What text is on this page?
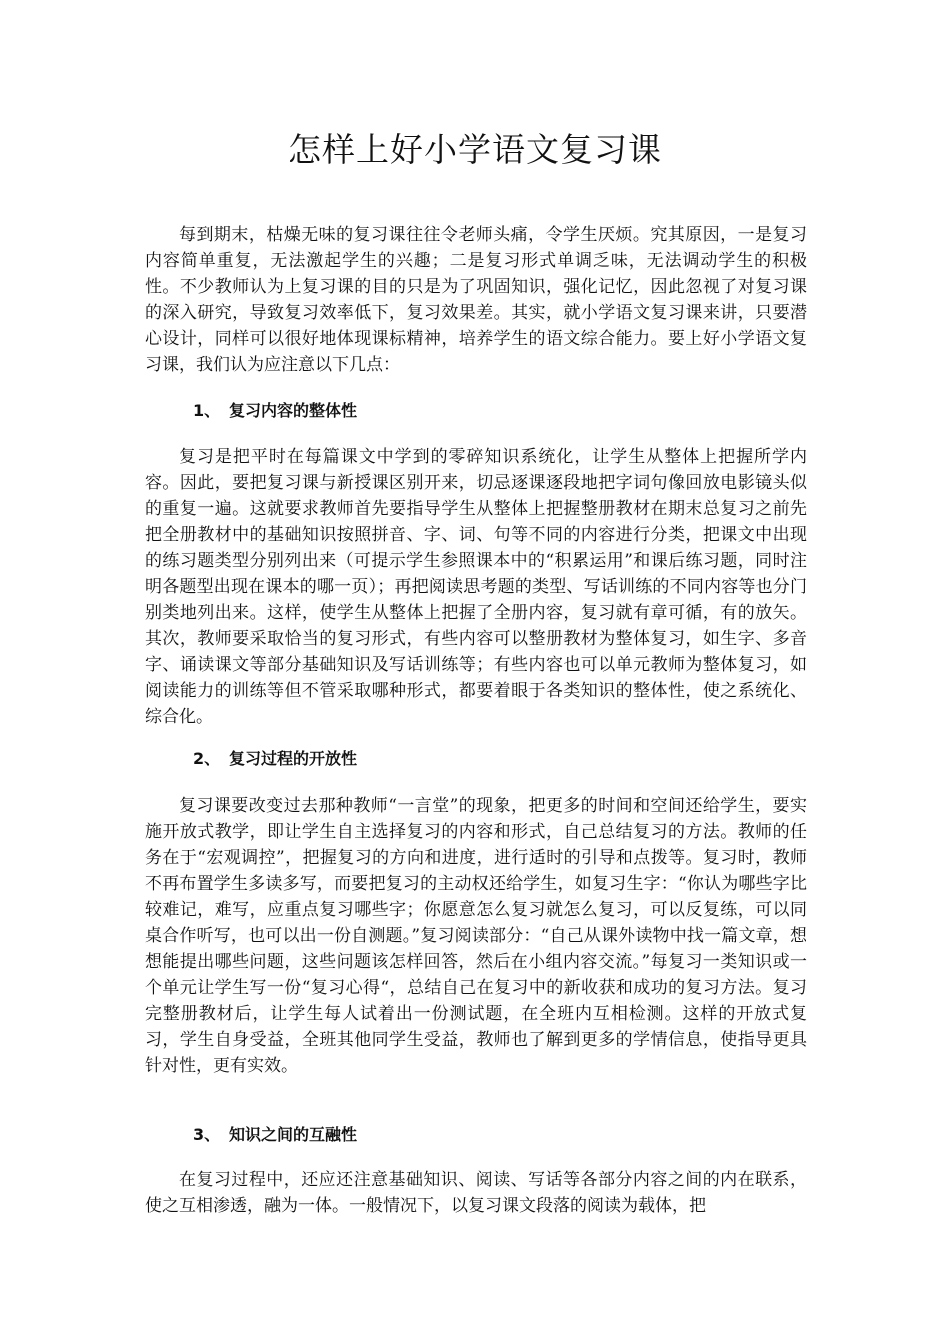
怎样上好小学语文复习课

每到期末，枯燥无味的复习课往往令老师头痛，令学生厌烦。究其原因，一是复习内容简单重复，无法激起学生的兴趣；二是复习形式单调乏味，无法调动学生的积极性。不少教师认为上复习课的目的只是为了巩固知识，强化记忆，因此忽视了对复习课的深入研究，导致复习效率低下，复习效果差。其实，就小学语文复习课来讲，只要潜心设计，同样可以很好地体现课标精神，培养学生的语文综合能力。要上好小学语文复习课，我们认为应注意以下几点：

1、 复习内容的整体性

复习是把平时在每篇课文中学到的零碎知识系统化，让学生从整体上把握所学内容。因此，要把复习课与新授课区别开来，切忌逐课逐段地把字词句像回放电影镜头似的重复一遍。这就要求教师首先要指导学生从整体上把握整册教材在期末总复习之前先把全册教材中的基础知识按照拼音、字、词、句等不同的内容进行分类，把课文中出现的练习题类型分别列出来（可提示学生参照课本中的“积累运用”和课后练习题，同时注明各题型出现在课本的哪一页）；再把阅读思考题的类型、写话训练的不同内容等也分门别类地列出来。这样，使学生从整体上把握了全册内容，复习就有章可循，有的放矢。其次，教师要采取恰当的复习形式，有些内容可以整册教材为整体复习，如生字、多音字、诵读课文等部分基础知识及写话训练等；有些内容也可以单元教师为整体复习，如阅读能力的训练等但不管采取哪种形式，都要着眼于各类知识的整体性，使之系统化、综合化。

2、 复习过程的开放性

复习课要改变过去那种教师“一言堂”的现象，把更多的时间和空间还给学生，要实施开放式教学，即让学生自主选择复习的内容和形式，自己总结复习的方法。教师的任务在于“宏观调控”，把握复习的方向和进度，进行适时的引导和点拨等。复习时，教师不再布置学生多读多写，而要把复习的主动权还给学生，如复习生字：“你认为哪些字比较难记，难写，应重点复习哪些字；你愿意怎么复习就怎么复习，可以反复练，可以同桌合作听写，也可以出一份自测题。”复习阅读部分：“自己从课外读物中找一篇文章，想想能提出哪些问题，这些问题该怎样回答，然后在小组内容交流。”每复习一类知识或一个单元让学生写一份“复习心得“，总结自己在复习中的新收获和成功的复习方法。复习完整册教材后，让学生每人试着出一份测试题，在全班内互相检测。这样的开放式复习，学生自身受益，全班其他同学生受益，教师也了解到更多的学情信息，使指导更具针对性，更有实效。

3、 知识之间的互融性

在复习过程中，还应还注意基础知识、阅读、写话等各部分内容之间的内在联系，使之互相渗透，融为一体。一般情况下，以复习课文段落的阅读为载体，把
